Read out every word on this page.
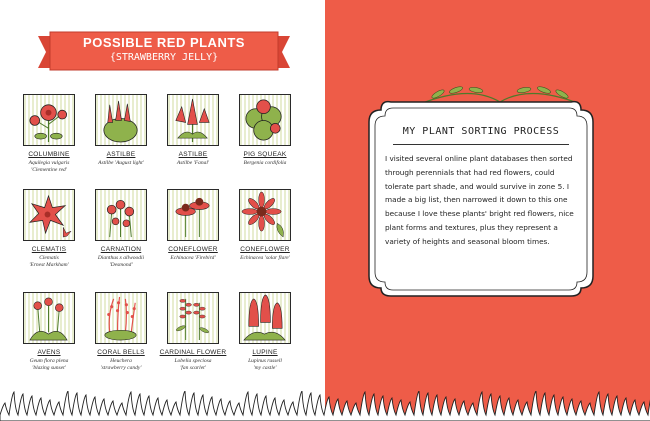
POSSIBLE RED PLANTS
{STRAWBERRY JELLY}
COLUMBINE
Aquilegia vulgaris
'Clementine red'
ASTILBE
Astilbe 'August light'
ASTILBE
Astilbe 'Fanal'
PIG SQUEAK
Bergenia cordifolia
CLEMATIS
Clematis
'Ernest Markham'
CARNATION
Dianthus x allwoodii
'Desmond'
CONEFLOWER
Echinacea 'Firebird'
CONEFLOWER
Echinacea 'solar flare'
AVENS
Geum flora plena
'blazing sunset'
CORAL BELLS
Heuchera
'strawberry candy'
CARDINAL FLOWER
Lobelia speciosa
'fan scarlet'
LUPINE
Lupinus russell
'my castle'
MY PLANT SORTING PROCESS
I visited several online plant databases then sorted through perennials that had red flowers, could tolerate part shade, and would survive in zone 5. I made a big list, then narrowed it down to this one because I love these plants' bright red flowers, nice plant forms and textures, plus they represent a variety of heights and seasonal bloom times.
